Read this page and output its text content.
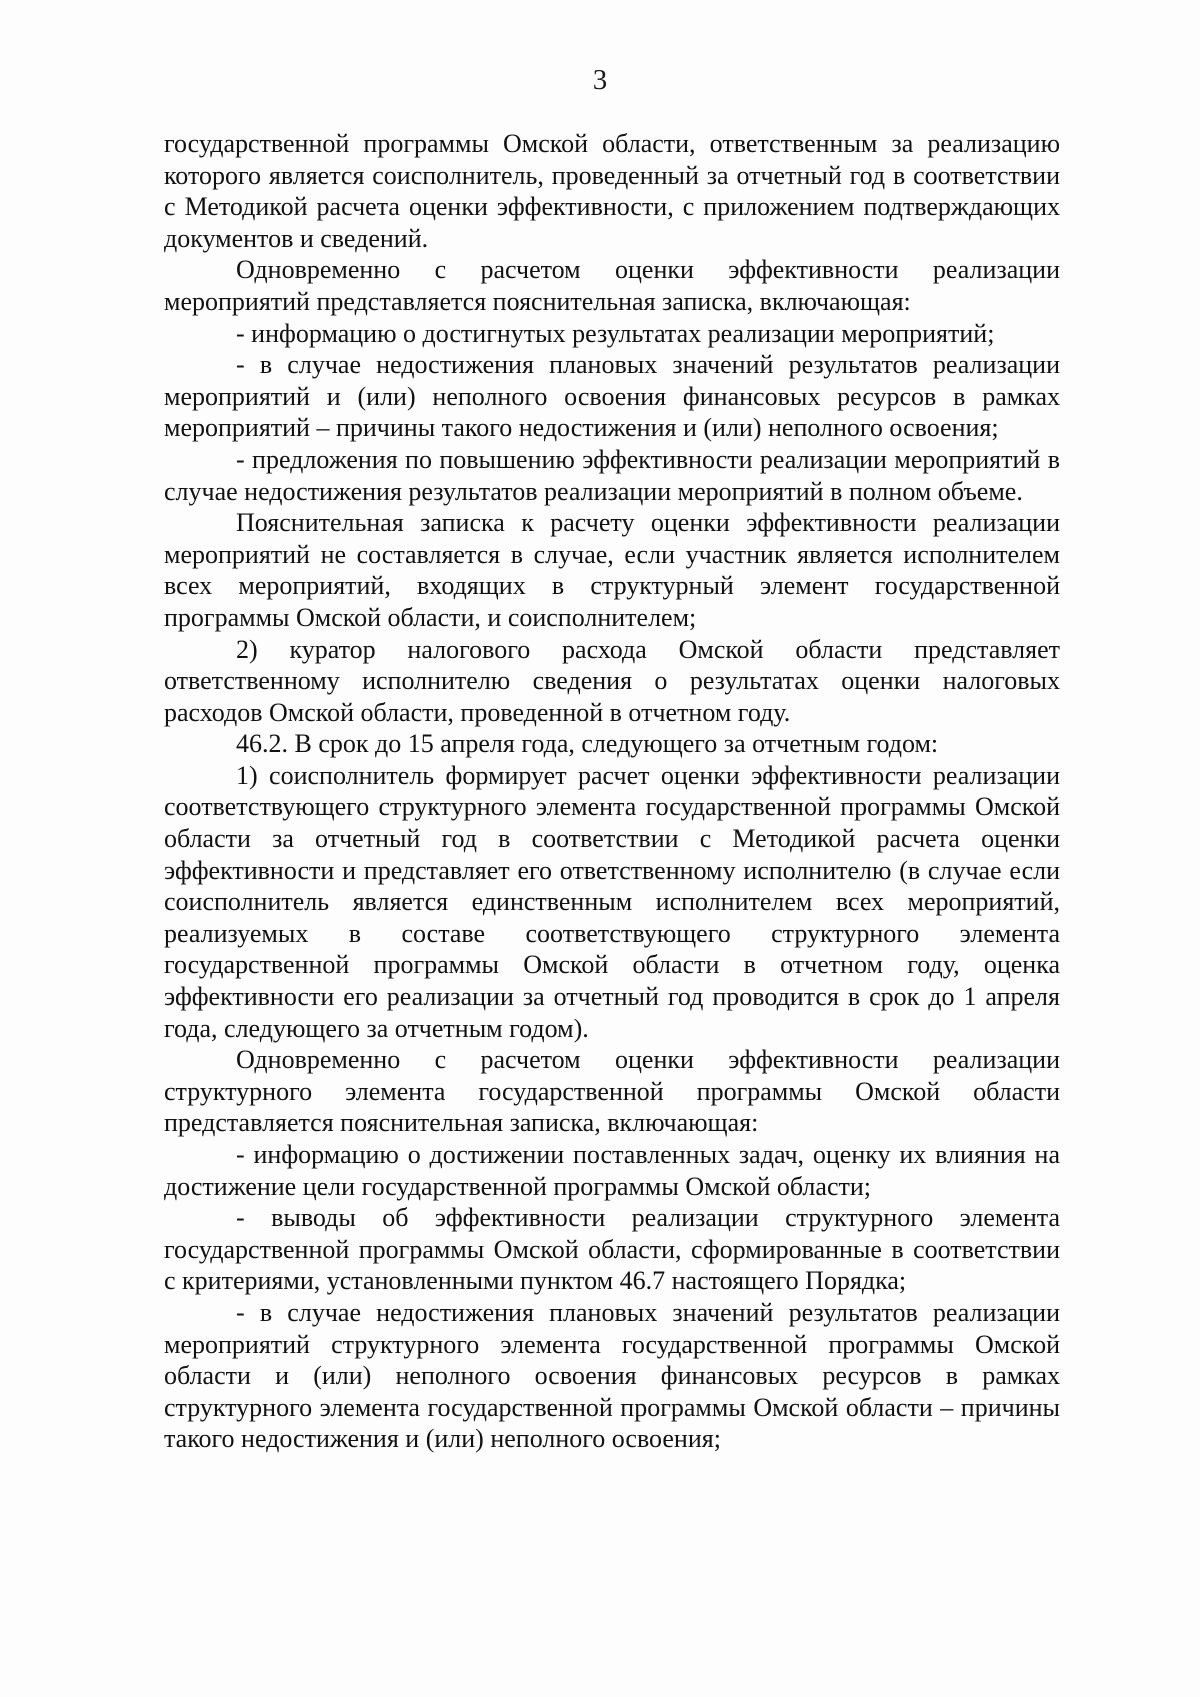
3

государственной программы Омской области, ответственным за реализацию которого является соисполнитель, проведенный за отчетный год в соответствии с Методикой расчета оценки эффективности, с приложением подтверждающих документов и сведений.

Одновременно с расчетом оценки эффективности реализации мероприятий представляется пояснительная записка, включающая:

- информацию о достигнутых результатах реализации мероприятий;

- в случае недостижения плановых значений результатов реализации мероприятий и (или) неполного освоения финансовых ресурсов в рамках мероприятий – причины такого недостижения и (или) неполного освоения;

- предложения по повышению эффективности реализации мероприятий в случае недостижения результатов реализации мероприятий в полном объеме.

Пояснительная записка к расчету оценки эффективности реализации мероприятий не составляется в случае, если участник является исполнителем всех мероприятий, входящих в структурный элемент государственной программы Омской области, и соисполнителем;

2) куратор налогового расхода Омской области представляет ответственному исполнителю сведения о результатах оценки налоговых расходов Омской области, проведенной в отчетном году.

46.2. В срок до 15 апреля года, следующего за отчетным годом:

1) соисполнитель формирует расчет оценки эффективности реализации соответствующего структурного элемента государственной программы Омской области за отчетный год в соответствии с Методикой расчета оценки эффективности и представляет его ответственному исполнителю (в случае если соисполнитель является единственным исполнителем всех мероприятий, реализуемых в составе соответствующего структурного элемента государственной программы Омской области в отчетном году, оценка эффективности его реализации за отчетный год проводится в срок до 1 апреля года, следующего за отчетным годом).

Одновременно с расчетом оценки эффективности реализации структурного элемента государственной программы Омской области представляется пояснительная записка, включающая:

- информацию о достижении поставленных задач, оценку их влияния на достижение цели государственной программы Омской области;

- выводы об эффективности реализации структурного элемента государственной программы Омской области, сформированные в соответствии с критериями, установленными пунктом 46.7 настоящего Порядка;

- в случае недостижения плановых значений результатов реализации мероприятий структурного элемента государственной программы Омской области и (или) неполного освоения финансовых ресурсов в рамках структурного элемента государственной программы Омской области – причины такого недостижения и (или) неполного освоения;
